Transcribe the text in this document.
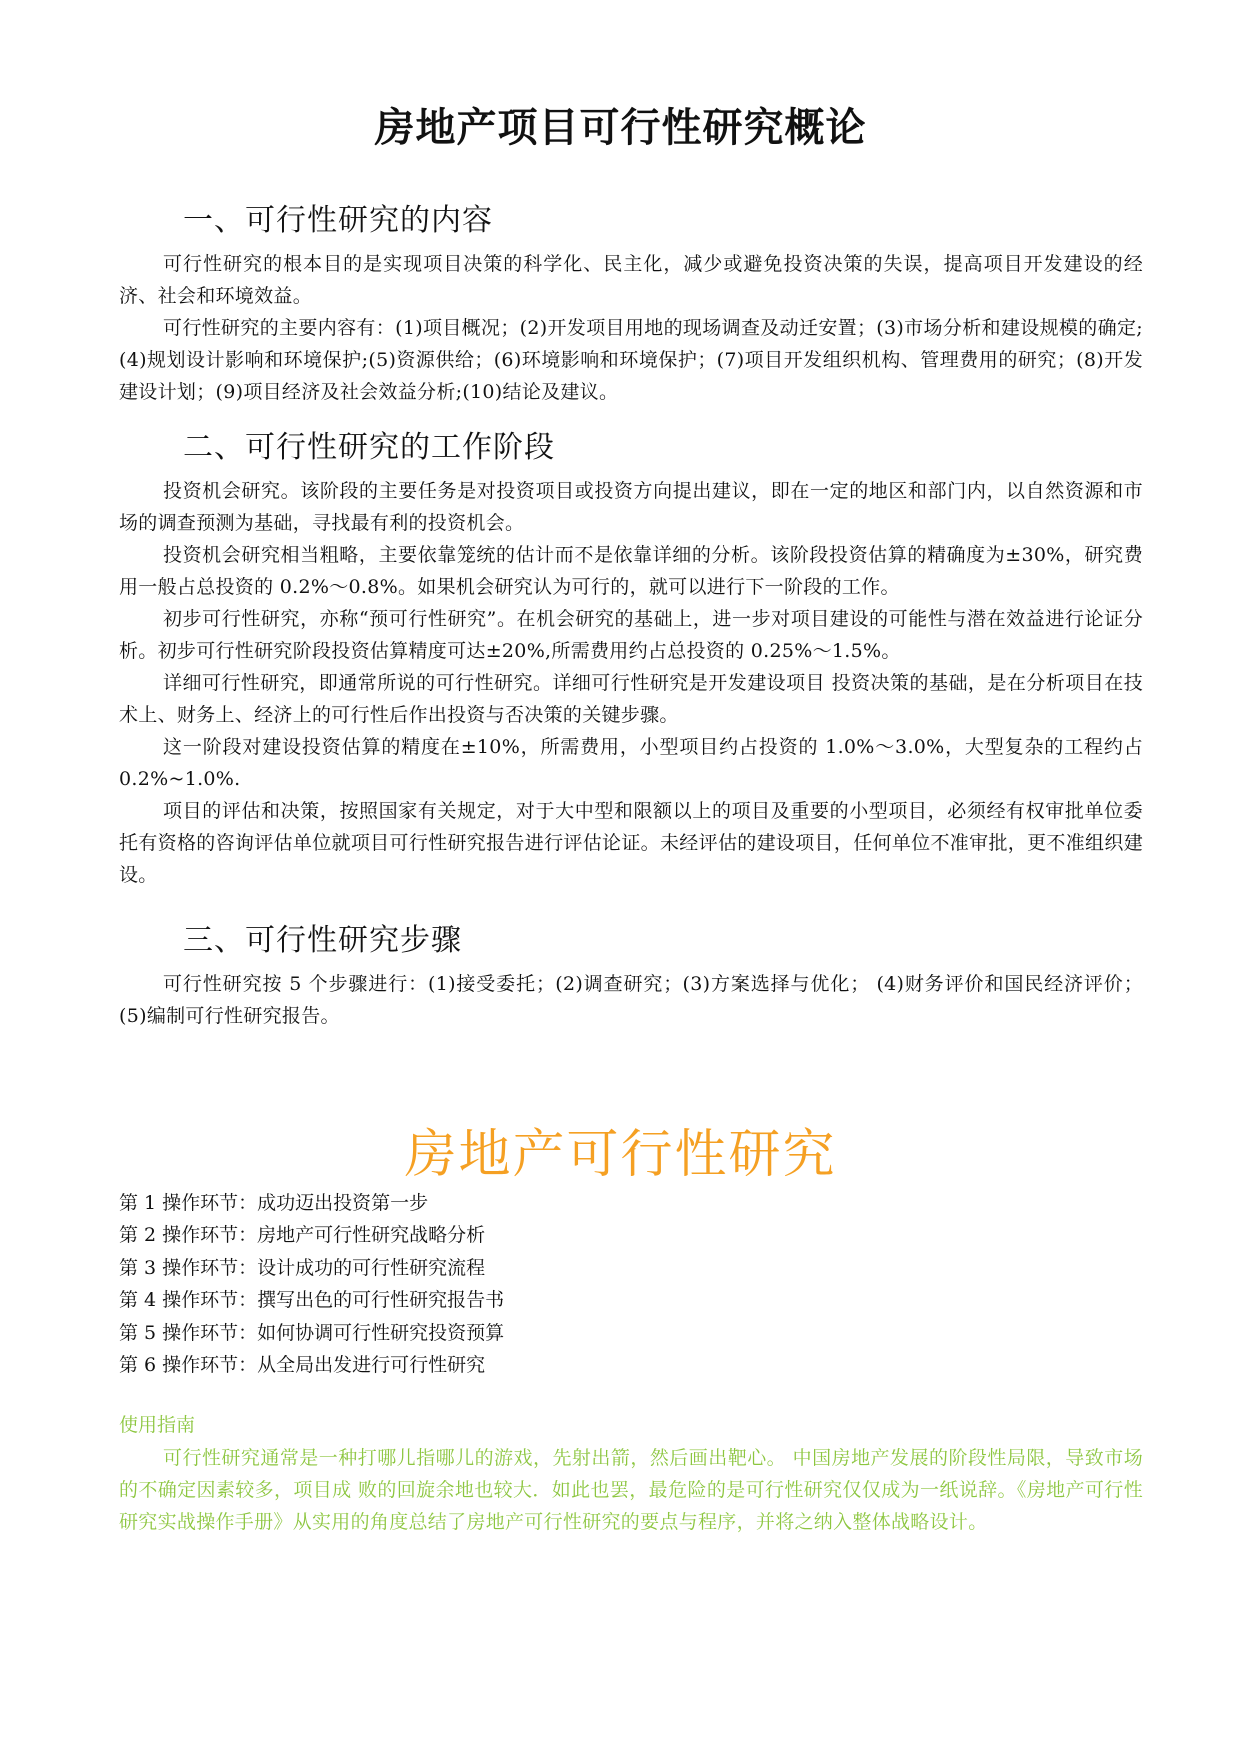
房地产项目可行性研究概论
一、可行性研究的内容

可行性研究的根本目的是实现项目决策的科学化、民主化，减少或避免投资决策的失误，提高项目开发建设的经济、社会和环境效益。

可行性研究的主要内容有：(1)项目概况；(2)开发项目用地的现场调查及动迁安置；(3)市场分析和建设规模的确定; (4)规划设计影响和环境保护;(5)资源供给；(6)环境影响和环境保护；(7)项目开发组织机构、管理费用的研究；(8)开发建设计划；(9)项目经济及社会效益分析;(10)结论及建议。

二、可行性研究的工作阶段

投资机会研究。该阶段的主要任务是对投资项目或投资方向提出建议，即在一定的地区和部门内，以自然资源和市场的调查预测为基础，寻找最有利的投资机会。

投资机会研究相当粗略，主要依靠笼统的估计而不是依靠详细的分析。该阶段投资估算的精确度为±30%，研究费用一般占总投资的 0.2%～0.8%。如果机会研究认为可行的，就可以进行下一阶段的工作。

初步可行性研究，亦称“预可行性研究”。在机会研究的基础上，进一步对项目建设的可能性与潜在效益进行论证分析。初步可行性研究阶段投资估算精度可达±20%,所需费用约占总投资的 0.25%～1.5%。

详细可行性研究，即通常所说的可行性研究。详细可行性研究是开发建设项目 投资决策的基础，是在分析项目在技术上、财务上、经济上的可行性后作出投资与否决策的关键步骤。

这一阶段对建设投资估算的精度在±10%，所需费用，小型项目约占投资的 1.0%～3.0%，大型复杂的工程约占 0.2%~1.0%.

项目的评估和决策，按照国家有关规定，对于大中型和限额以上的项目及重要的小型项目，必须经有权审批单位委托有资格的咨询评估单位就项目可行性研究报告进行评估论证。未经评估的建设项目，任何单位不准审批，更不准组织建设。

三、可行性研究步骤

可行性研究按 5 个步骤进行：(1)接受委托；(2)调查研究；(3)方案选择与优化； (4)财务评价和国民经济评价；(5)编制可行性研究报告。

房地产可行性研究
第 1 操作环节：成功迈出投资第一步
第 2 操作环节：房地产可行性研究战略分析
第 3 操作环节：设计成功的可行性研究流程
第 4 操作环节：撰写出色的可行性研究报告书
第 5 操作环节：如何协调可行性研究投资预算
第 6 操作环节：从全局出发进行可行性研究
使用指南

可行性研究通常是一种打哪儿指哪儿的游戏，先射出箭，然后画出靶心。 中国房地产发展的阶段性局限，导致市场的不确定因素较多，项目成 败的回旋余地也较大．如此也罢，最危险的是可行性研究仅仅成为一纸说辞。《房地产可行性研究实战操作手册》从实用的角度总结了房地产可行性研究的要点与程序，并将之纳入整体战略设计。
